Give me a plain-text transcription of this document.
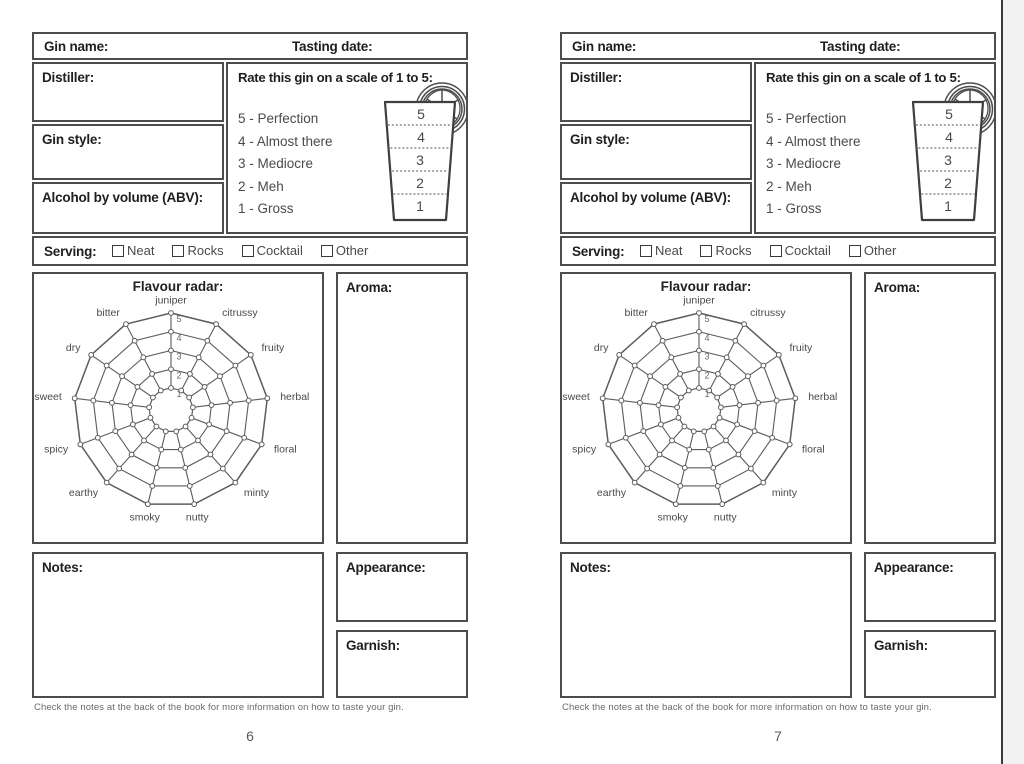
Gin name:	Tasting date:
Distiller:
Gin style:
Alcohol by volume (ABV):
Rate this gin on a scale of 1 to 5:
5 - Perfection
4 - Almost there
3 - Mediocre
2 - Meh
1 - Gross
5
4
3
2
1
Serving: Neat	Rocks	Cocktail	Other
Flavour radar:
1
2
3
4
5
juniper
citrussy
fruity
herbal
floral
minty
nutty
smoky
earthy
spicy
sweet
dry
bitter
Aroma:
Notes:	Appearance:
Garnish:
Check the notes at the back of the book for more information on how to taste your gin.
6
Gin name:	Tasting date:
Distiller:
Gin style:
Alcohol by volume (ABV):
Rate this gin on a scale of 1 to 5:
5 - Perfection
4 - Almost there
3 - Mediocre
2 - Meh
1 - Gross
5
4
3
2
1
Serving: Neat	Rocks	Cocktail	Other
Flavour radar:
1
2
3
4
5
juniper
citrussy
fruity
herbal
floral
minty
nutty
smoky
earthy
spicy
sweet
dry
bitter
Aroma:
Notes:	Appearance:
Garnish:
Check the notes at the back of the book for more information on how to taste your gin.
7
